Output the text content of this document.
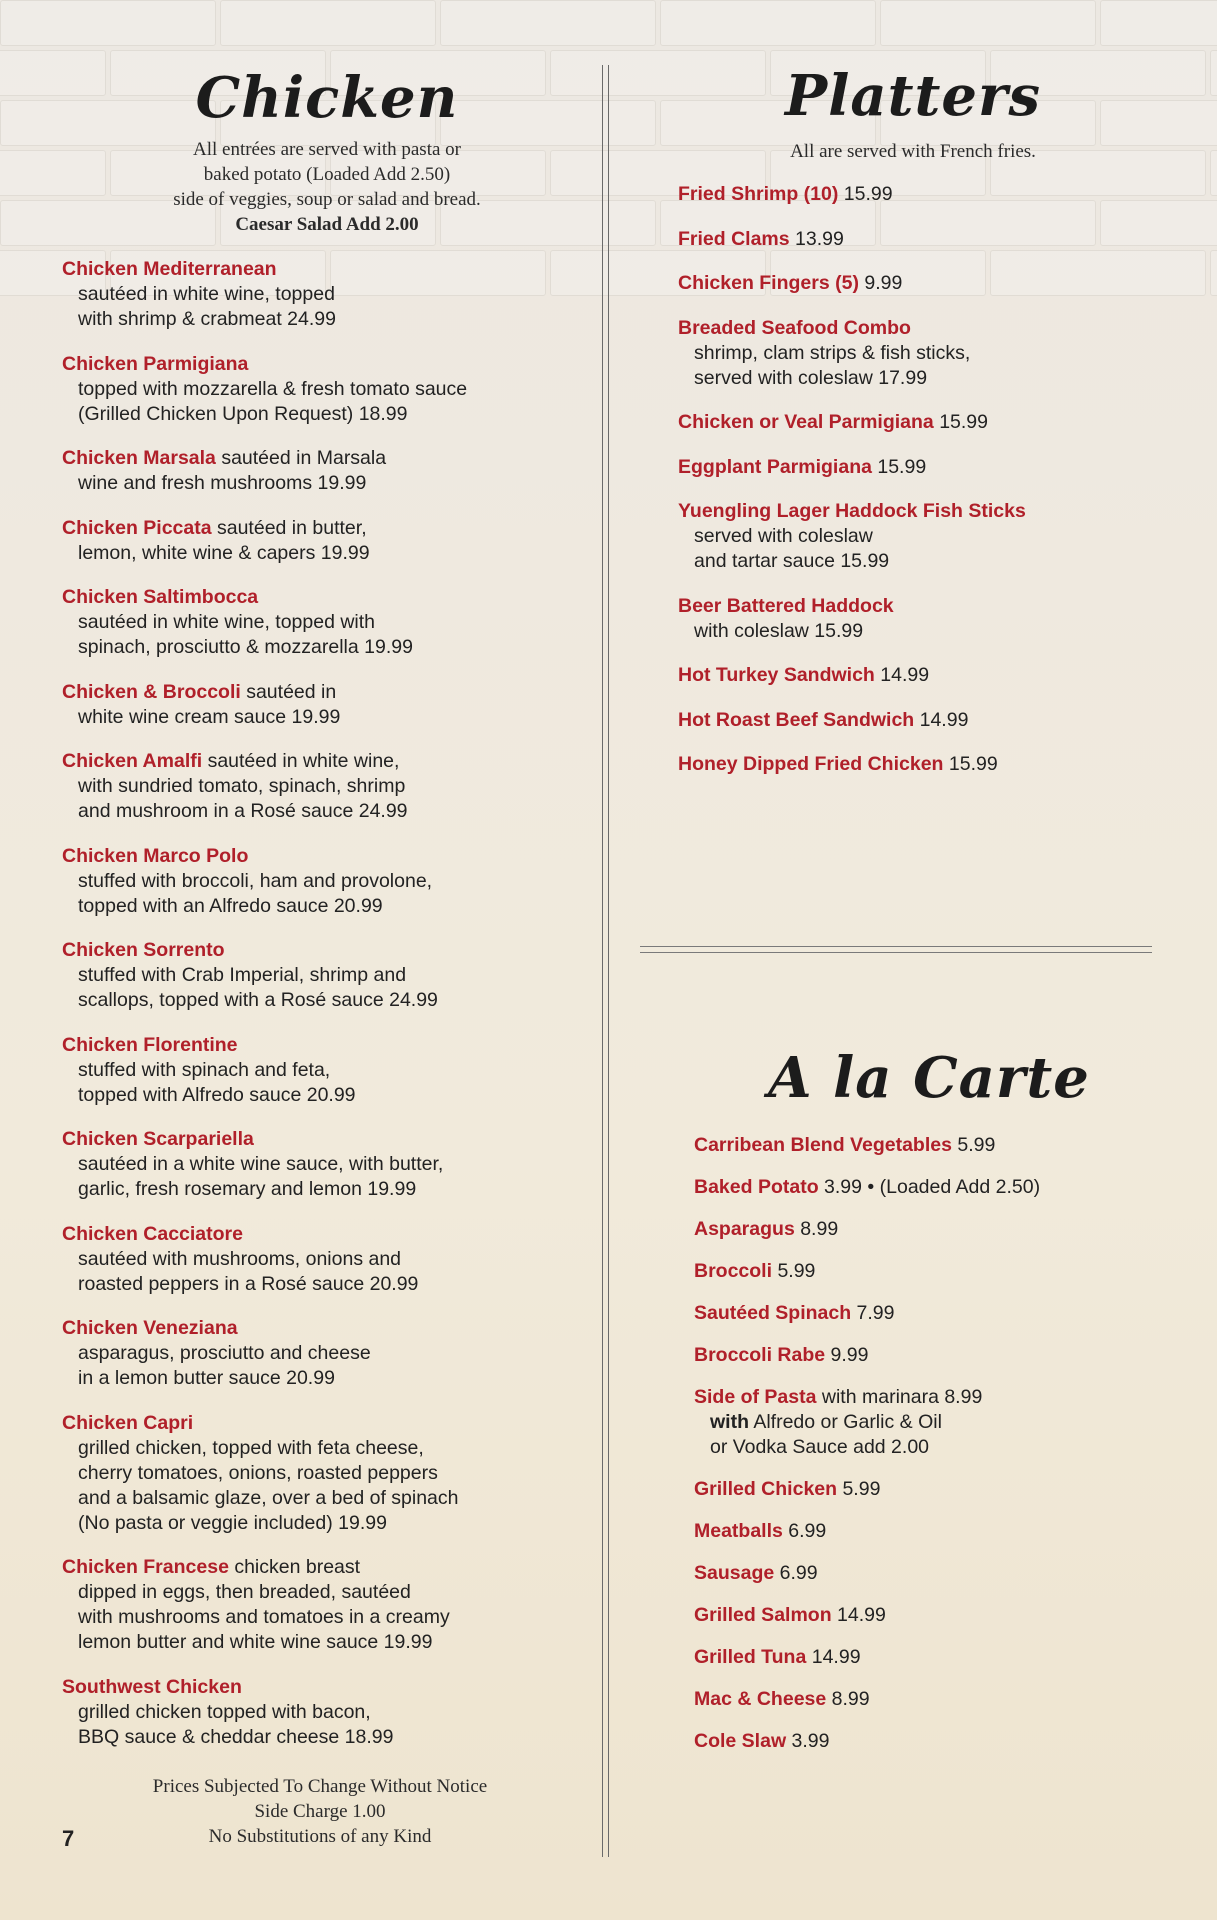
Chicken
All entrées are served with pasta or
baked potato (Loaded Add 2.50)
side of veggies, soup or salad and bread.
Caesar Salad Add 2.00
Chicken Mediterranean
sautéed in white wine, topped
with shrimp & crabmeat 24.99
Chicken Parmigiana
topped with mozzarella & fresh tomato sauce
(Grilled Chicken Upon Request) 18.99
Chicken Marsala sautéed in Marsala
wine and fresh mushrooms 19.99
Chicken Piccata sautéed in butter,
lemon, white wine & capers 19.99
Chicken Saltimbocca
sautéed in white wine, topped with
spinach, prosciutto & mozzarella 19.99
Chicken & Broccoli sautéed in
white wine cream sauce 19.99
Chicken Amalfi sautéed in white wine,
with sundried tomato, spinach, shrimp
and mushroom in a Rosé sauce 24.99
Chicken Marco Polo
stuffed with broccoli, ham and provolone,
topped with an Alfredo sauce 20.99
Chicken Sorrento
stuffed with Crab Imperial, shrimp and
scallops, topped with a Rosé sauce 24.99
Chicken Florentine
stuffed with spinach and feta,
topped with Alfredo sauce 20.99
Chicken Scarpariella
sautéed in a white wine sauce, with butter,
garlic, fresh rosemary and lemon 19.99
Chicken Cacciatore
sautéed with mushrooms, onions and
roasted peppers in a Rosé sauce 20.99
Chicken Veneziana
asparagus, prosciutto and cheese
in a lemon butter sauce 20.99
Chicken Capri
grilled chicken, topped with feta cheese,
cherry tomatoes, onions, roasted peppers
and a balsamic glaze, over a bed of spinach
(No pasta or veggie included) 19.99
Chicken Francese chicken breast
dipped in eggs, then breaded, sautéed
with mushrooms and tomatoes in a creamy
lemon butter and white wine sauce 19.99
Southwest Chicken
grilled chicken topped with bacon,
BBQ sauce & cheddar cheese 18.99
Platters
All are served with French fries.
Fried Shrimp (10) 15.99
Fried Clams 13.99
Chicken Fingers (5) 9.99
Breaded Seafood Combo
shrimp, clam strips & fish sticks,
served with coleslaw 17.99
Chicken or Veal Parmigiana 15.99
Eggplant Parmigiana 15.99
Yuengling Lager Haddock Fish Sticks
served with coleslaw
and tartar sauce 15.99
Beer Battered Haddock
with coleslaw 15.99
Hot Turkey Sandwich 14.99
Hot Roast Beef Sandwich 14.99
Honey Dipped Fried Chicken 15.99
A la Carte
Carribean Blend Vegetables 5.99
Baked Potato 3.99 • (Loaded Add 2.50)
Asparagus 8.99
Broccoli 5.99
Sautéed Spinach 7.99
Broccoli Rabe 9.99
Side of Pasta with marinara 8.99
with Alfredo or Garlic & Oil
or Vodka Sauce add 2.00
Grilled Chicken 5.99
Meatballs 6.99
Sausage 6.99
Grilled Salmon 14.99
Grilled Tuna 14.99
Mac & Cheese 8.99
Cole Slaw 3.99
Prices Subjected To Change Without Notice
Side Charge 1.00
No Substitutions of any Kind
7
